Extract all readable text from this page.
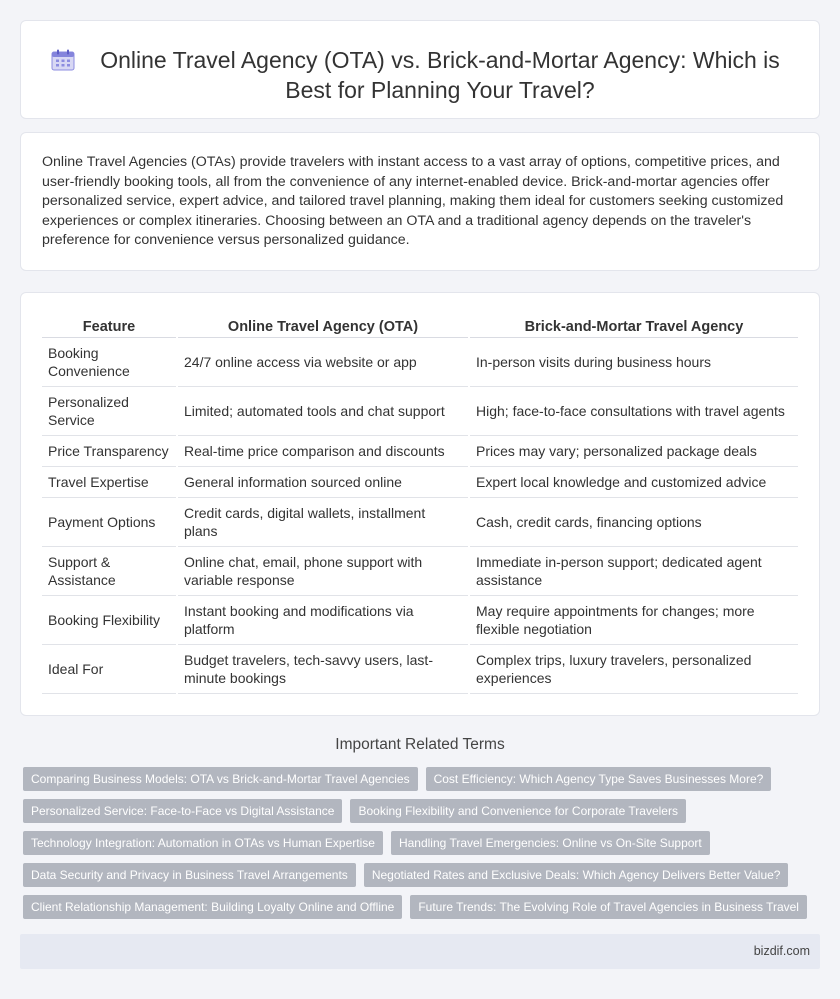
Online Travel Agency (OTA) vs. Brick-and-Mortar Agency: Which is Best for Planning Your Travel?

Online Travel Agencies (OTAs) provide travelers with instant access to a vast array of options, competitive prices, and user-friendly booking tools, all from the convenience of any internet-enabled device. Brick-and-mortar agencies offer personalized service, expert advice, and tailored travel planning, making them ideal for customers seeking customized experiences or complex itineraries. Choosing between an OTA and a traditional agency depends on the traveler's preference for convenience versus personalized guidance.

Feature	Online Travel Agency (OTA)	Brick-and-Mortar Travel Agency
Booking Convenience	24/7 online access via website or app	In-person visits during business hours
Personalized Service	Limited; automated tools and chat support	High; face-to-face consultations with travel agents
Price Transparency	Real-time price comparison and discounts	Prices may vary; personalized package deals
Travel Expertise	General information sourced online	Expert local knowledge and customized advice
Payment Options	Credit cards, digital wallets, installment plans	Cash, credit cards, financing options
Support & Assistance	Online chat, email, phone support with variable response	Immediate in-person support; dedicated agent assistance
Booking Flexibility	Instant booking and modifications via platform	May require appointments for changes; more flexible negotiation
Ideal For	Budget travelers, tech-savvy users, last-minute bookings	Complex trips, luxury travelers, personalized experiences
Important Related Terms
Comparing Business Models: OTA vs Brick-and-Mortar Travel Agencies	Cost Efficiency: Which Agency Type Saves Businesses More?
Personalized Service: Face-to-Face vs Digital Assistance	Booking Flexibility and Convenience for Corporate Travelers
Technology Integration: Automation in OTAs vs Human Expertise	Handling Travel Emergencies: Online vs On-Site Support
Data Security and Privacy in Business Travel Arrangements	Negotiated Rates and Exclusive Deals: Which Agency Delivers Better Value?
Client Relationship Management: Building Loyalty Online and Offline	Future Trends: The Evolving Role of Travel Agencies in Business Travel
bizdif.com
